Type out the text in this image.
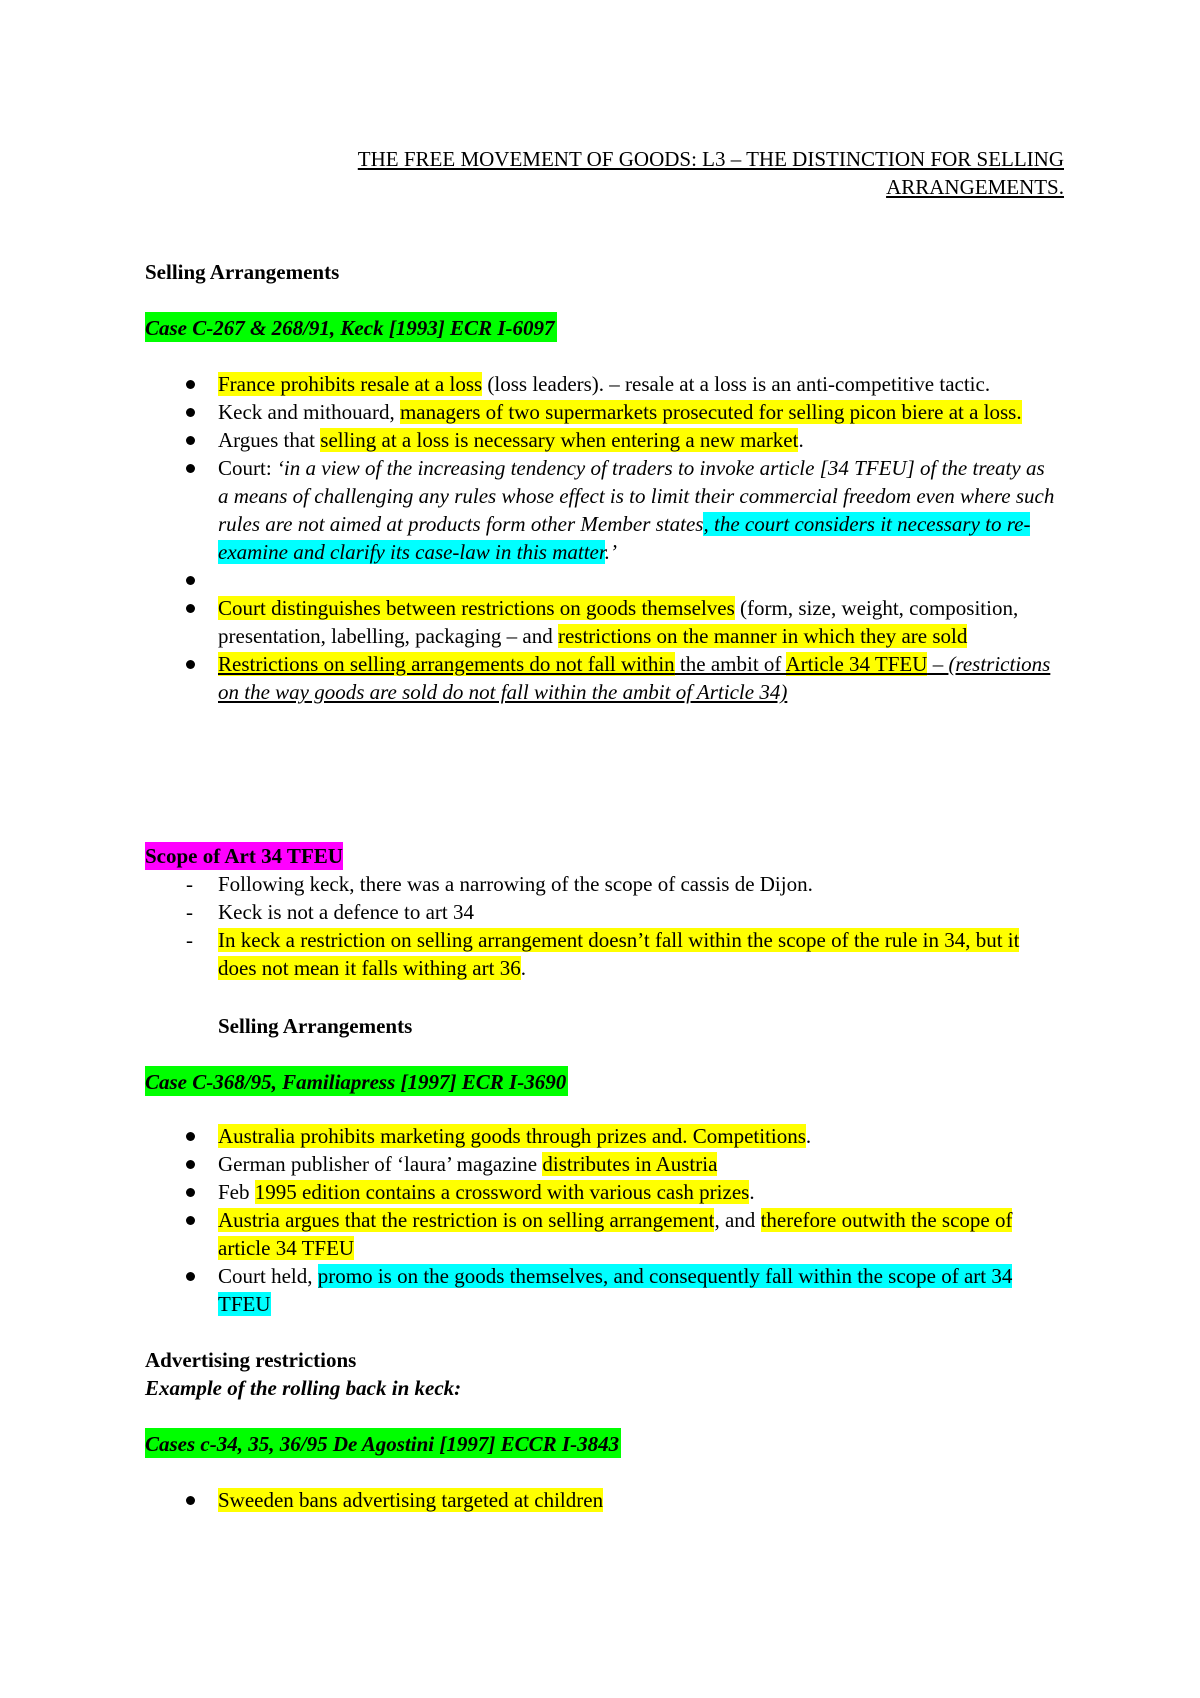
THE FREE MOVEMENT OF GOODS: L3 – THE DISTINCTION FOR SELLING ARRANGEMENTS.
Selling Arrangements
Case C-267 & 268/91, Keck [1993] ECR I-6097
France prohibits resale at a loss (loss leaders). – resale at a loss is an anti-competitive tactic.
Keck and mithouard, managers of two supermarkets prosecuted for selling picon biere at a loss.
Argues that selling at a loss is necessary when entering a new market.
Court: ‘in a view of the increasing tendency of traders to invoke article [34 TFEU] of the treaty as a means of challenging any rules whose effect is to limit their commercial freedom even where such rules are not aimed at products form other Member states, the court considers it necessary to re-examine and clarify its case-law in this matter.’
Court distinguishes between restrictions on goods themselves (form, size, weight, composition, presentation, labelling, packaging – and restrictions on the manner in which they are sold
Restrictions on selling arrangements do not fall within the ambit of Article 34 TFEU – (restrictions on the way goods are sold do not fall within the ambit of Article 34)
Scope of Art 34 TFEU
- Following keck, there was a narrowing of the scope of cassis de Dijon.
- Keck is not a defence to art 34
- In keck a restriction on selling arrangement doesn’t fall within the scope of the rule in 34, but it does not mean it falls withing art 36.
Selling Arrangements
Case C-368/95, Familiapress [1997] ECR I-3690
Australia prohibits marketing goods through prizes and. Competitions.
German publisher of ‘laura’ magazine distributes in Austria
Feb 1995 edition contains a crossword with various cash prizes.
Austria argues that the restriction is on selling arrangement, and therefore outwith the scope of article 34 TFEU
Court held, promo is on the goods themselves, and consequently fall within the scope of art 34 TFEU
Advertising restrictions
Example of the rolling back in keck:
Cases c-34, 35, 36/95 De Agostini [1997] ECCR I-3843
Sweeden bans advertising targeted at children
